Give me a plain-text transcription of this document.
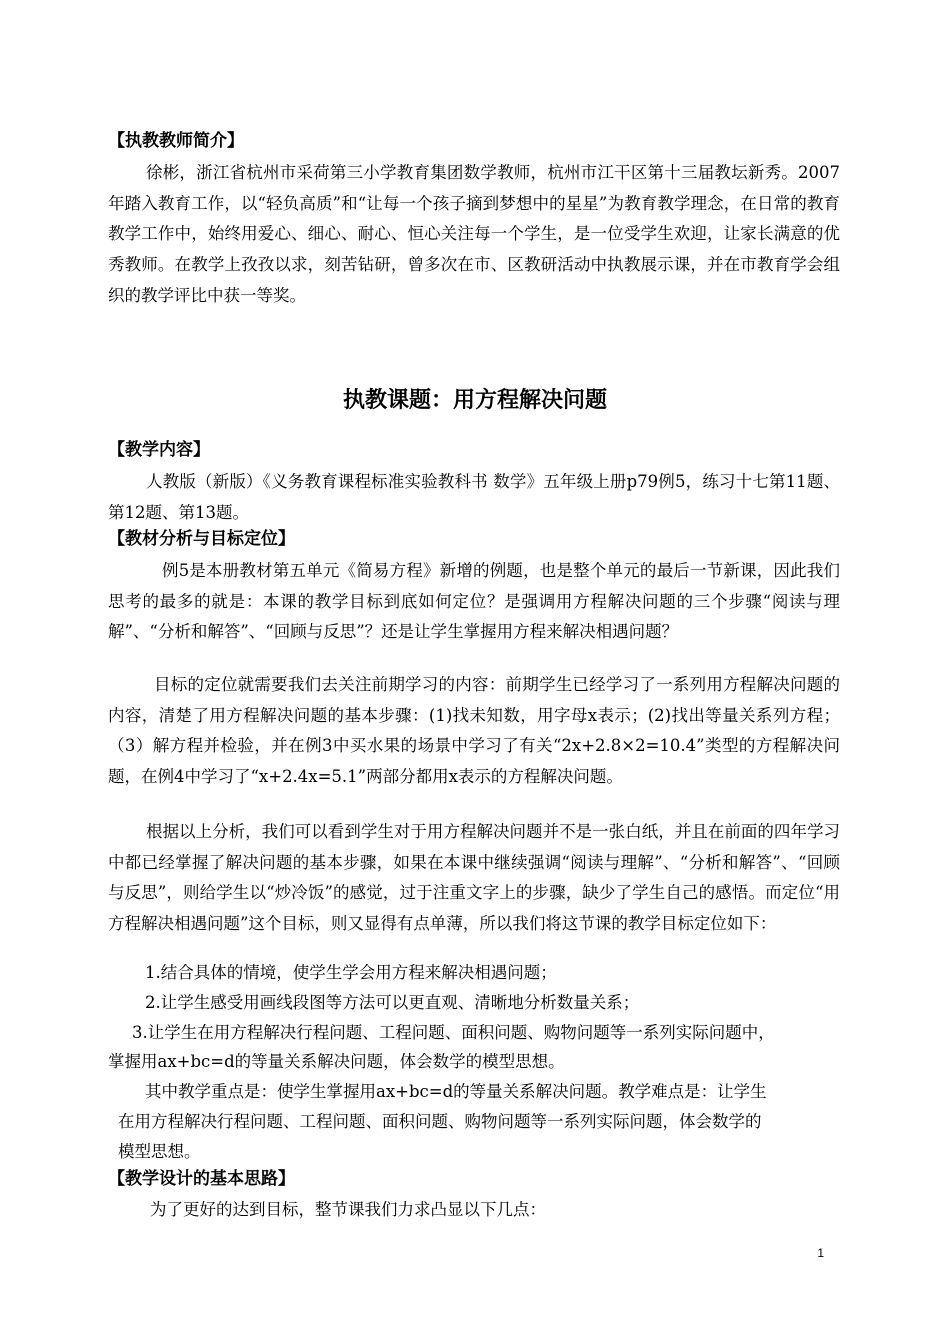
【执教教师简介】

徐彬，浙江省杭州市采荷第三小学教育集团数学教师，杭州市江干区第十三届教坛新秀。2007年踏入教育工作，以“轻负高质”和“让每一个孩子摘到梦想中的星星”为教育教学理念，在日常的教育教学工作中，始终用爱心、细心、耐心、恒心关注每一个学生，是一位受学生欢迎，让家长满意的优秀教师。在教学上孜孜以求，刻苦钻研，曾多次在市、区教研活动中执教展示课，并在市教育学会组织的教学评比中获一等奖。

执教课题：用方程解决问题
【教学内容】

人教版（新版）《义务教育课程标准实验教科书 数学》五年级上册p79例5，练习十七第11题、第12题、第13题。

【教材分析与目标定位】

例5是本册教材第五单元《简易方程》新增的例题，也是整个单元的最后一节新课，因此我们思考的最多的就是：本课的教学目标到底如何定位？是强调用方程解决问题的三个步骤“阅读与理解”、“分析和解答”、“回顾与反思”？还是让学生掌握用方程来解决相遇问题？

目标的定位就需要我们去关注前期学习的内容：前期学生已经学习了一系列用方程解决问题的内容，清楚了用方程解决问题的基本步骤：(1)找未知数，用字母x表示；(2)找出等量关系列方程；（3）解方程并检验，并在例3中买水果的场景中学习了有关“2x+2.8×2=10.4”类型的方程解决问题，在例4中学习了“x+2.4x=5.1”两部分都用x表示的方程解决问题。

根据以上分析，我们可以看到学生对于用方程解决问题并不是一张白纸，并且在前面的四年学习中都已经掌握了解决问题的基本步骤，如果在本课中继续强调“阅读与理解”、“分析和解答”、“回顾与反思”，则给学生以“炒冷饭”的感觉，过于注重文字上的步骤，缺少了学生自己的感悟。而定位“用方程解决相遇问题”这个目标，则又显得有点单薄，所以我们将这节课的教学目标定位如下：

1.结合具体的情境，使学生学会用方程来解决相遇问题；
2.让学生感受用画线段图等方法可以更直观、清晰地分析数量关系；
3.让学生在用方程解决行程问题、工程问题、面积问题、购物问题等一系列实际问题中，
掌握用ax+bc=d的等量关系解决问题，体会数学的模型思想。
其中教学重点是：使学生掌握用ax+bc=d的等量关系解决问题。教学难点是：让学生
在用方程解决行程问题、工程问题、面积问题、购物问题等一系列实际问题，体会数学的
模型思想。
【教学设计的基本思路】
为了更好的达到目标，整节课我们力求凸显以下几点：
1
